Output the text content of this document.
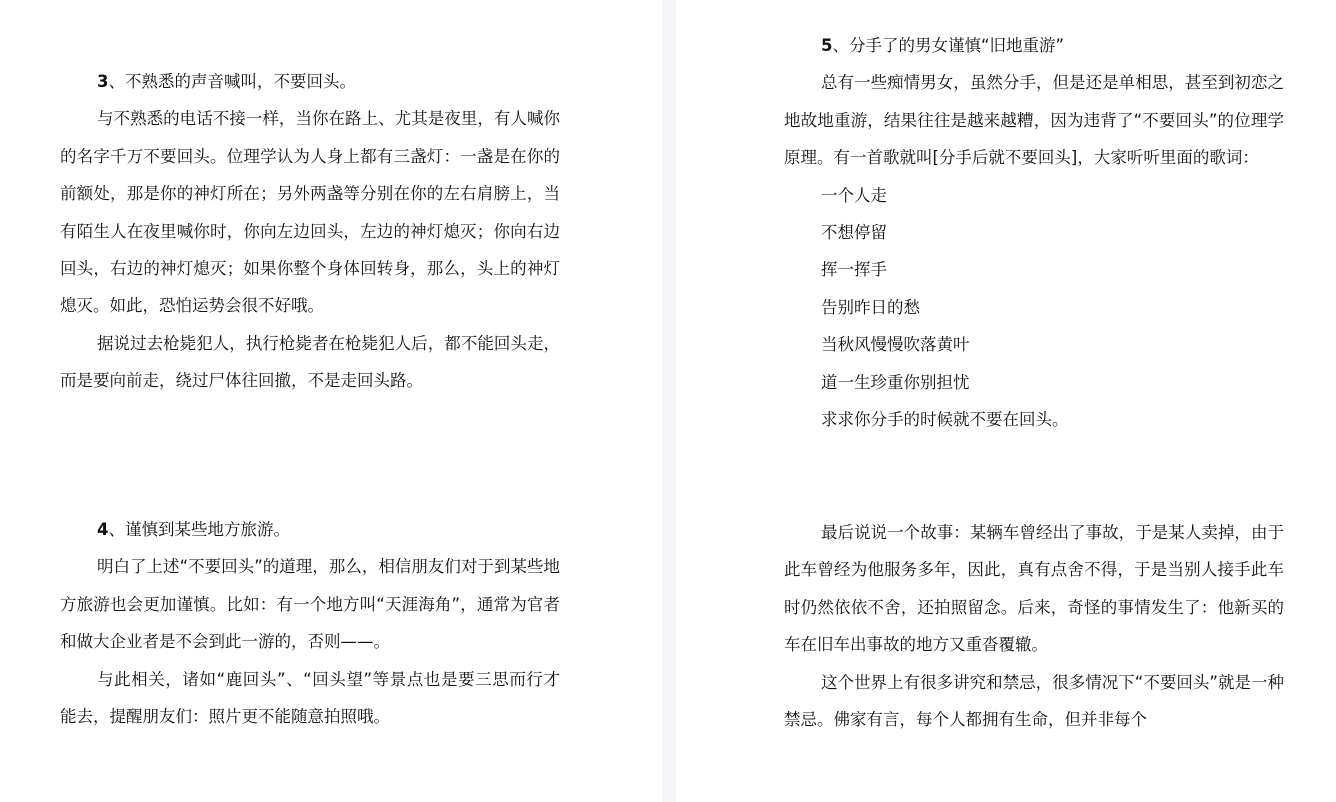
3、不熟悉的声音喊叫，不要回头。
与不熟悉的电话不接一样，当你在路上、尤其是夜里，有人喊你的名字千万不要回头。位理学认为人身上都有三盏灯：一盏是在你的前额处，那是你的神灯所在；另外两盏等分别在你的左右肩膀上，当有陌生人在夜里喊你时，你向左边回头，左边的神灯熄灭；你向右边回头，右边的神灯熄灭；如果你整个身体回转身，那么，头上的神灯熄灭。如此，恐怕运势会很不好哦。
据说过去枪毙犯人，执行枪毙者在枪毙犯人后，都不能回头走，而是要向前走，绕过尸体往回撤，不是走回头路。
4、谨慎到某些地方旅游。
明白了上述“不要回头”的道理，那么，相信朋友们对于到某些地方旅游也会更加谨慎。比如：有一个地方叫“天涯海角”，通常为官者和做大企业者是不会到此一游的，否则——。
与此相关，诸如“鹿回头”、“回头望”等景点也是要三思而行才能去，提醒朋友们：照片更不能随意拍照哦。
5、分手了的男女谨慎“旧地重游”
总有一些痴情男女，虽然分手，但是还是单相思，甚至到初恋之地故地重游，结果往往是越来越糟，因为违背了“不要回头”的位理学原理。有一首歌就叫[分手后就不要回头]，大家听听里面的歌词：
一个人走
不想停留
挥一挥手
告别昨日的愁
当秋风慢慢吹落黄叶
道一生珍重你别担忧
求求你分手的时候就不要在回头。
最后说说一个故事：某辆车曾经出了事故，于是某人卖掉，由于此车曾经为他服务多年，因此，真有点舍不得，于是当别人接手此车时仍然依依不舍，还拍照留念。后来，奇怪的事情发生了：他新买的车在旧车出事故的地方又重沓覆辙。
这个世界上有很多讲究和禁忌，很多情况下“不要回头”就是一种禁忌。佛家有言，每个人都拥有生命，但并非每个
